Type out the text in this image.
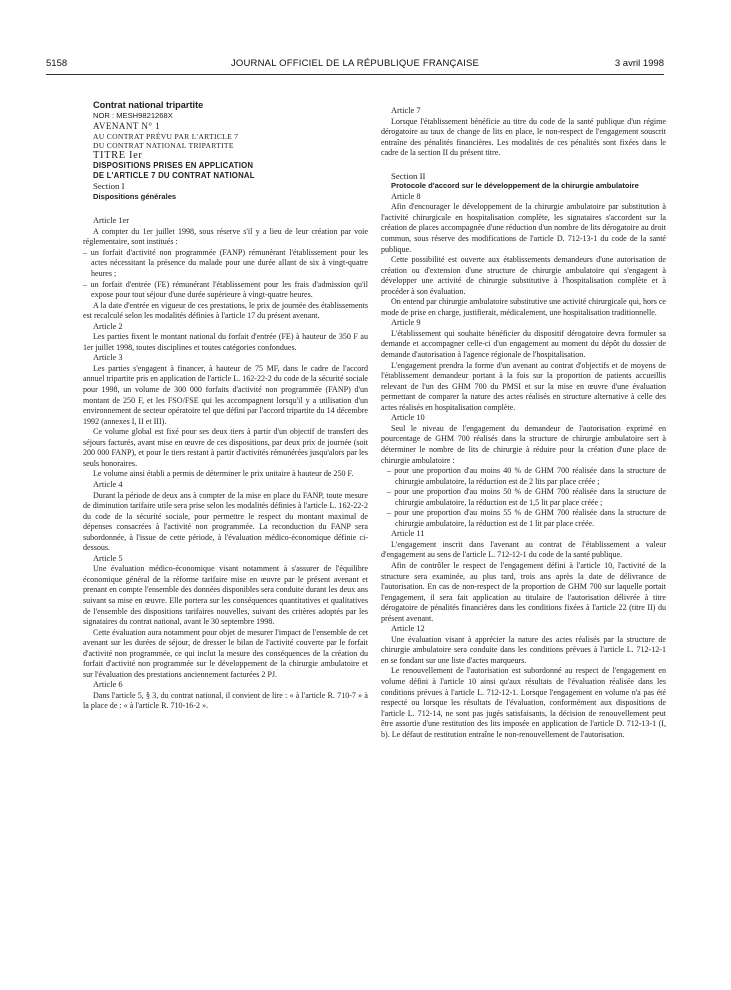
5158	JOURNAL OFFICIEL DE LA RÉPUBLIQUE FRANÇAISE	3 avril 1998

Contrat national tripartite

NOR : MESH9821268X

AVENANT N° 1

AU CONTRAT PRÉVU PAR L'ARTICLE 7

DU CONTRAT NATIONAL TRIPARTITE

TITRE Ier

DISPOSITIONS PRISES EN APPLICATION

DE L'ARTICLE 7 DU CONTRAT NATIONAL

Section I

Dispositions générales

Article 1er

A compter du 1er juillet 1998, sous réserve s'il y a lieu de leur création par voie réglementaire, sont institués :

– un forfait d'activité non programmée (FANP) rémunérant l'établissement pour les actes nécessitant la présence du malade pour une durée allant de six à vingt-quatre heures ;

– un forfait d'entrée (FE) rémunérant l'établissement pour les frais d'admission qu'il expose pour tout séjour d'une durée supérieure à vingt-quatre heures.

A la date d'entrée en vigueur de ces prestations, le prix de journée des établissements est recalculé selon les modalités définies à l'article 17 du présent avenant.

Article 2

Les parties fixent le montant national du forfait d'entrée (FE) à hauteur de 350 F au 1er juillet 1998, toutes disciplines et toutes catégories confondues.

Article 3

Les parties s'engagent à financer, à hauteur de 75 MF, dans le cadre de l'accord annuel tripartite pris en application de l'article L. 162-22-2 du code de la sécurité sociale pour 1998, un volume de 300 000 forfaits d'activité non programmée (FANP) d'un montant de 250 F, et les FSO/FSE qui les accompagnent lorsqu'il y a utilisation d'un environnement de secteur opératoire tel que défini par l'accord tripartite du 14 décembre 1992 (annexes I, II et III).

Ce volume global est fixé pour ses deux tiers à partir d'un objectif de transfert des séjours facturés, avant mise en œuvre de ces dispositions, par deux prix de journée (soit 200 000 FANP), et pour le tiers restant à partir d'activités rémunérées jusqu'alors par les seuls honoraires.

Le volume ainsi établi a permis de déterminer le prix unitaire à hauteur de 250 F.

Article 4

Durant la période de deux ans à compter de la mise en place du FANP, toute mesure de diminution tarifaire utile sera prise selon les modalités définies à l'article L. 162-22-2 du code de la sécurité sociale, pour permettre le respect du montant maximal de dépenses consacrées à l'activité non programmée. La reconduction du FANP sera subordonnée, à l'issue de cette période, à l'évaluation médico-économique définie ci-dessous.

Article 5

Une évaluation médico-économique visant notamment à s'assurer de l'équilibre économique général de la réforme tarifaire mise en œuvre par le présent avenant et prenant en compte l'ensemble des données disponibles sera conduite durant les deux ans suivant sa mise en œuvre. Elle portera sur les conséquences quantitatives et qualitatives de l'ensemble des dispositions tarifaires nouvelles, suivant des critères adoptés par les signataires du contrat national, avant le 30 septembre 1998.

Cette évaluation aura notamment pour objet de mesurer l'impact de l'ensemble de cet avenant sur les durées de séjour, de dresser le bilan de l'activité couverte par le forfait d'activité non programmée, ce qui inclut la mesure des conséquences de la création du forfait d'activité non programmée sur le développement de la chirurgie ambulatoire et sur l'évaluation des prestations anciennement facturées 2 PJ.

Article 6

Dans l'article 5, § 3, du contrat national, il convient de lire : « à l'article R. 710-7 » à la place de : « à l'article R. 710-16-2 ».

Article 7

Lorsque l'établissement bénéficie au titre du code de la santé publique d'un régime dérogatoire au taux de change de lits en place, le non-respect de l'engagement souscrit entraîne des pénalités financières. Les modalités de ces pénalités sont fixées dans le cadre de la section II du présent titre.

Section II

Protocole d'accord sur le développement de la chirurgie ambulatoire

Article 8

Afin d'encourager le développement de la chirurgie ambulatoire par substitution à l'activité chirurgicale en hospitalisation complète, les signataires s'accordent sur la création de places accompagnée d'une réduction d'un nombre de lits dérogatoire au droit commun, sous réserve des modifications de l'article D. 712-13-1 du code de la santé publique.

Cette possibilité est ouverte aux établissements demandeurs d'une autorisation de création ou d'extension d'une structure de chirurgie ambulatoire qui s'engagent à développer une activité de chirurgie substitutive à l'hospitalisation complète et à procéder à son évaluation.

On entend par chirurgie ambulatoire substitutive une activité chirurgicale qui, hors ce mode de prise en charge, justifierait, médicalement, une hospitalisation traditionnelle.

Article 9

L'établissement qui souhaite bénéficier du dispositif dérogatoire devra formuler sa demande et accompagner celle-ci d'un engagement au moment du dépôt du dossier de demande d'autorisation à l'agence régionale de l'hospitalisation.

L'engagement prendra la forme d'un avenant au contrat d'objectifs et de moyens de l'établissement demandeur portant à la fois sur la proportion de patients accueillis relevant de l'un des GHM 700 du PMSI et sur la mise en œuvre d'une évaluation permettant de comparer la nature des actes réalisés en structure alternative à celle des actes réalisés en hospitalisation complète.

Article 10

Seul le niveau de l'engagement du demandeur de l'autorisation exprimé en pourcentage de GHM 700 réalisés dans la structure de chirurgie ambulatoire sert à déterminer le nombre de lits de chirurgie à réduire pour la création d'une place de chirurgie ambulatoire :

– pour une proportion d'au moins 40 % de GHM 700 réalisée dans la structure de chirurgie ambulatoire, la réduction est de 2 lits par place créée ;

– pour une proportion d'au moins 50 % de GHM 700 réalisée dans la structure de chirurgie ambulatoire, la réduction est de 1,5 lit par place créée ;

– pour une proportion d'au moins 55 % de GHM 700 réalisée dans la structure de chirurgie ambulatoire, la réduction est de 1 lit par place créée.

Article 11

L'engagement inscrit dans l'avenant au contrat de l'établissement a valeur d'engagement au sens de l'article L. 712-12-1 du code de la santé publique.

Afin de contrôler le respect de l'engagement défini à l'article 10, l'activité de la structure sera examinée, au plus tard, trois ans après la date de délivrance de l'autorisation. En cas de non-respect de la proportion de GHM 700 sur laquelle portait l'engagement, il sera fait application au titulaire de l'autorisation délivrée à titre dérogatoire de pénalités financières dans les conditions fixées à l'article 22 (titre II) du présent avenant.

Article 12

Une évaluation visant à apprécier la nature des actes réalisés par la structure de chirurgie ambulatoire sera conduite dans les conditions prévues à l'article L. 712-12-1 en se fondant sur une liste d'actes marqueurs.

Le renouvellement de l'autorisation est subordonné au respect de l'engagement en volume défini à l'article 10 ainsi qu'aux résultats de l'évaluation réalisée dans les conditions prévues à l'article L. 712-12-1. Lorsque l'engagement en volume n'a pas été respecté ou lorsque les résultats de l'évaluation, conformément aux dispositions de l'article L. 712-14, ne sont pas jugés satisfaisants, la décision de renouvellement peut être assortie d'une restitution des lits imposée en application de l'article D. 712-13-1 (I, b). Le défaut de restitution entraîne le non-renouvellement de l'autorisation.
